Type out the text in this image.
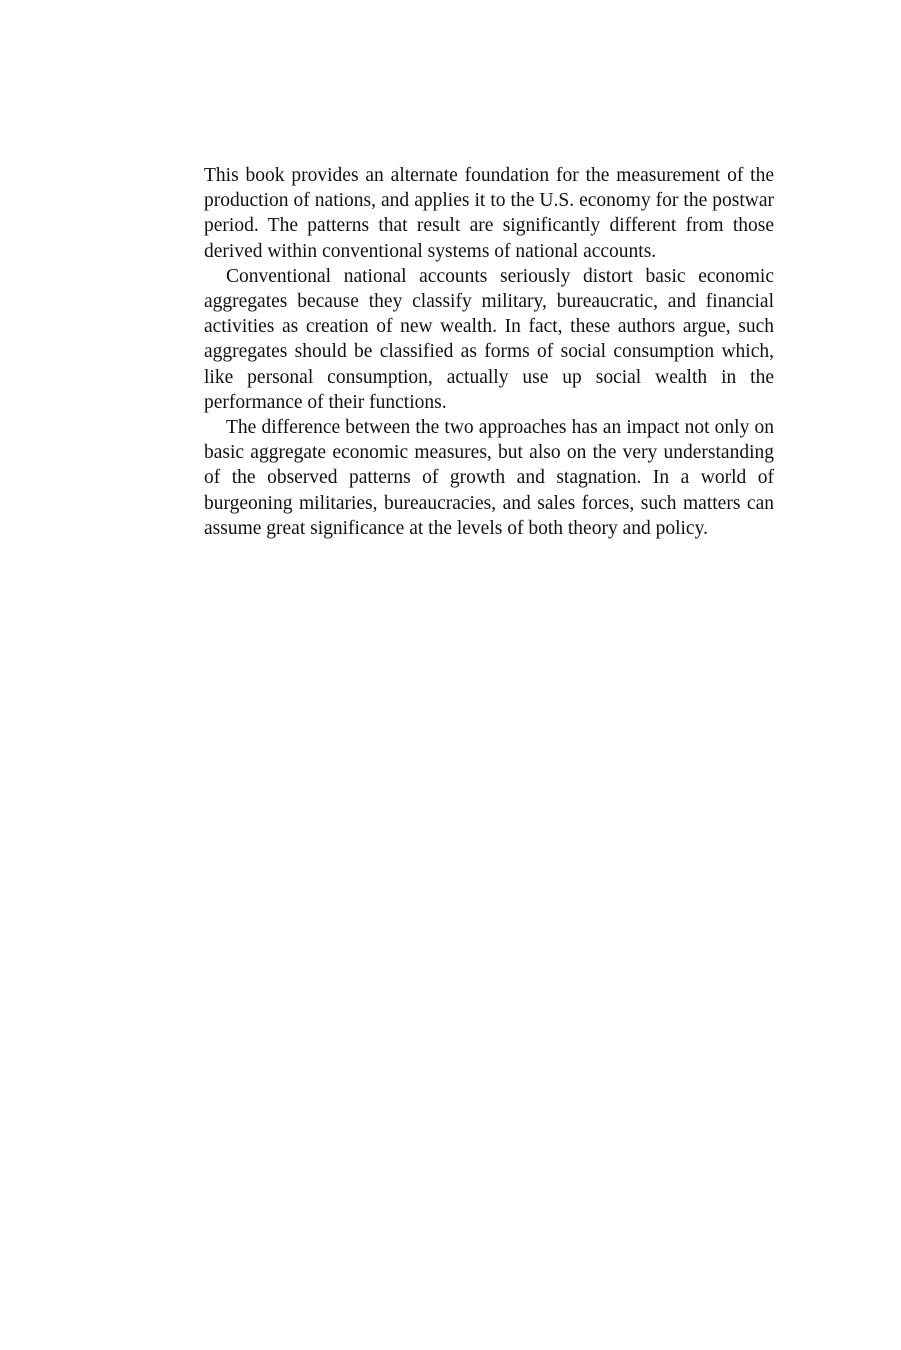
This book provides an alternate foundation for the measurement of the production of nations, and applies it to the U.S. economy for the postwar period. The patterns that result are significantly different from those derived within conventional systems of national accounts.

Conventional national accounts seriously distort basic economic aggregates because they classify military, bureaucratic, and financial activities as creation of new wealth. In fact, these authors argue, such aggregates should be classified as forms of social consumption which, like personal consumption, actually use up social wealth in the performance of their functions.

The difference between the two approaches has an impact not only on basic aggregate economic measures, but also on the very understanding of the observed patterns of growth and stagnation. In a world of burgeoning militaries, bureaucracies, and sales forces, such matters can assume great significance at the levels of both theory and policy.
